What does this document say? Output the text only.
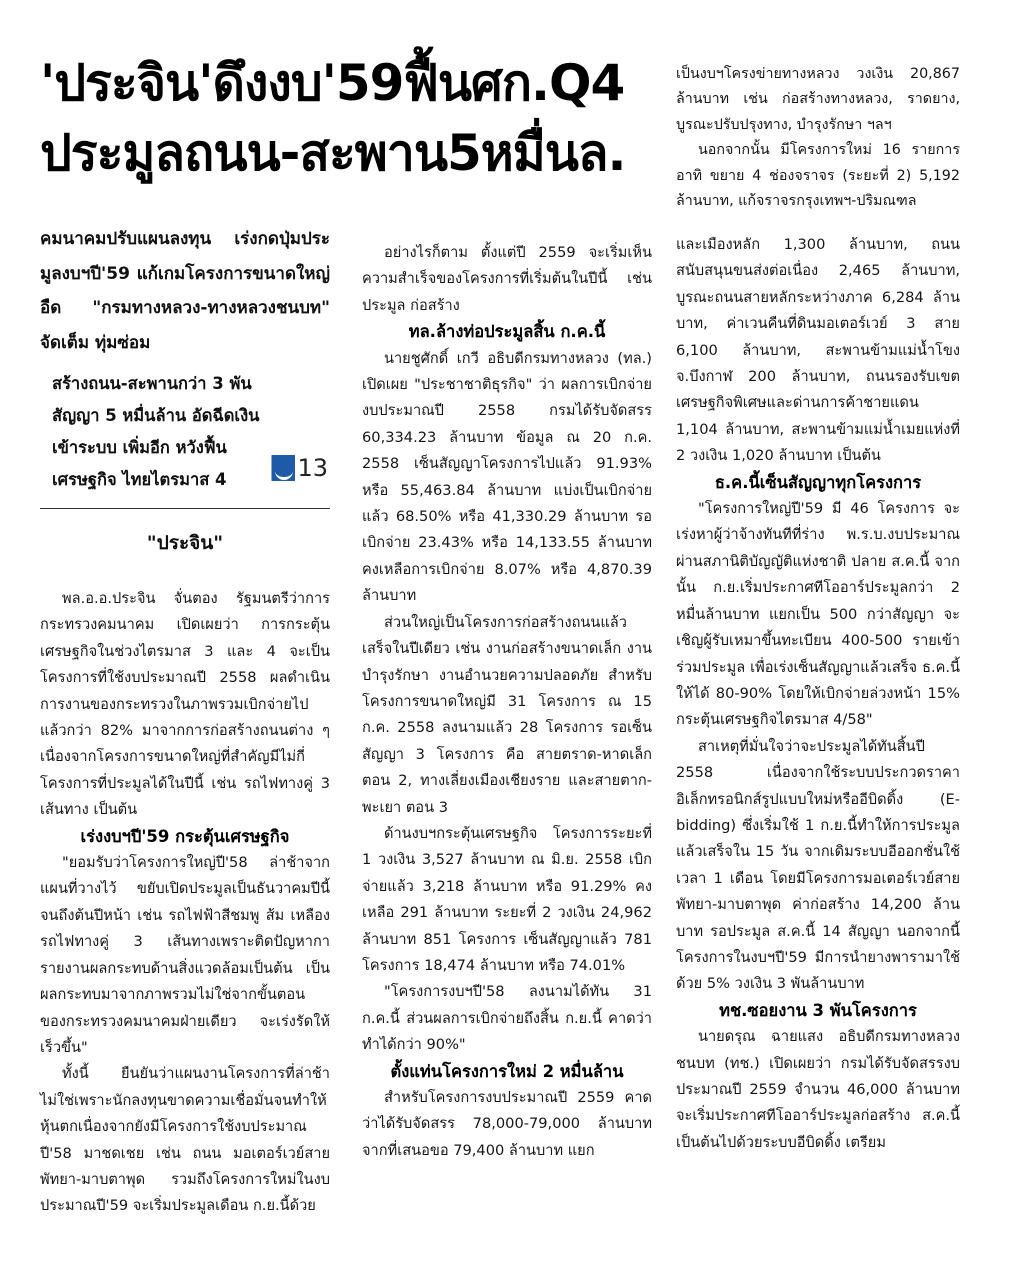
'ประจิน'ดึงงบ'59ฟื้นศก.Q4
ประมูลถนน-สะพาน5หมื่นล.

คมนาคมปรับแผนลงทุน เร่งกดปุ่มประมูลงบฯปี'59 แก้เกมโครงการขนาดใหญ่อืด "กรมทางหลวง-ทางหลวงชนบท" จัดเต็ม ทุ่มซ่อม

สร้างถนน-สะพานกว่า 3 พันสัญญา 5 หมื่นล้าน อัดฉีดเงินเข้าระบบ เพิ่มอีก หวังฟื้นเศรษฐกิจ ไทยไตรมาส 4	13
"ประจิน"

พล.อ.อ.ประจิน จั่นตอง รัฐมนตรีว่าการกระทรวงคมนาคม เปิดเผยว่า การกระตุ้นเศรษฐกิจในช่วงไตรมาส 3 และ 4 จะเป็นโครงการที่ใช้งบประมาณปี 2558 ผลดำเนินการงานของกระทรวงในภาพรวมเบิกจ่ายไปแล้วกว่า 82% มาจากการก่อสร้างถนนต่าง ๆ เนื่องจากโครงการขนาดใหญ่ที่สำคัญมีไม่กี่โครงการที่ประมูลได้ในปีนี้ เช่น รถไฟทางคู่ 3 เส้นทาง เป็นต้น

เร่งงบฯปี'59 กระตุ้นเศรษฐกิจ

"ยอมรับว่าโครงการใหญ่ปี'58 ล่าช้าจากแผนที่วางไว้ ขยับเปิดประมูลเป็นธันวาคมปีนี้จนถึงต้นปีหน้า เช่น รถไฟฟ้าสีชมพู ส้ม เหลือง รถไฟทางคู่ 3 เส้นทางเพราะติดปัญหาการายงานผลกระทบด้านสิ่งแวดล้อมเป็นต้น เป็นผลกระทบมาจากภาพรวมไม่ใช่จากขั้นตอนของกระทรวงคมนาคมฝ่ายเดียว จะเร่งรัดให้เร็วขึ้น"

ทั้งนี้ ยืนยันว่าแผนงานโครงการที่ล่าช้าไม่ใช่เพราะนักลงทุนขาดความเชื่อมั่นจนทำให้หุ้นตกเนื่องจากยังมีโครงการใช้งบประมาณปี'58 มาชดเชย เช่น ถนน มอเตอร์เวย์สายพัทยา-มาบตาพุด รวมถึงโครงการใหม่ในงบประมาณปี'59 จะเริ่มประมูลเดือน ก.ย.นี้ด้วย

อย่างไรก็ตาม ตั้งแต่ปี 2559 จะเริ่มเห็นความสำเร็จของโครงการที่เริ่มต้นในปีนี้ เช่น ประมูล ก่อสร้าง

ทล.ล้างท่อประมูลสิ้น ก.ค.นี้

นายชูศักดิ์ เกวี อธิบดีกรมทางหลวง (ทล.) เปิดเผย "ประชาชาติธุรกิจ" ว่า ผลการเบิกจ่ายงบประมาณปี 2558 กรมได้รับจัดสรร 60,334.23 ล้านบาท ข้อมูล ณ 20 ก.ค. 2558 เซ็นสัญญาโครงการไปแล้ว 91.93% หรือ 55,463.84 ล้านบาท แบ่งเป็นเบิกจ่ายแล้ว 68.50% หรือ 41,330.29 ล้านบาท รอเบิกจ่าย 23.43% หรือ 14,133.55 ล้านบาท คงเหลือการเบิกจ่าย 8.07% หรือ 4,870.39 ล้านบาท

ส่วนใหญ่เป็นโครงการก่อสร้างถนนแล้วเสร็จในปีเดียว เช่น งานก่อสร้างขนาดเล็ก งานบำรุงรักษา งานอำนวยความปลอดภัย สำหรับโครงการขนาดใหญ่มี 31 โครงการ ณ 15 ก.ค. 2558 ลงนามแล้ว 28 โครงการ รอเซ็นสัญญา 3 โครงการ คือ สายตราด-หาดเล็ก ตอน 2, ทางเลี่ยงเมืองเชียงราย และสายตาก-พะเยา ตอน 3

ด้านงบฯกระตุ้นเศรษฐกิจ โครงการระยะที่ 1 วงเงิน 3,527 ล้านบาท ณ มิ.ย. 2558 เบิกจ่ายแล้ว 3,218 ล้านบาท หรือ 91.29% คงเหลือ 291 ล้านบาท ระยะที่ 2 วงเงิน 24,962 ล้านบาท 851 โครงการ เซ็นสัญญาแล้ว 781 โครงการ 18,474 ล้านบาท หรือ 74.01%

"โครงการงบฯปี'58 ลงนามได้ทัน 31 ก.ค.นี้ ส่วนผลการเบิกจ่ายถึงสิ้น ก.ย.นี้ คาดว่าทำได้กว่า 90%"

ตั้งแท่นโครงการใหม่ 2 หมื่นล้าน

สำหรับโครงการงบประมาณปี 2559 คาดว่าได้รับจัดสรร 78,000-79,000 ล้านบาท จากที่เสนอขอ 79,400 ล้านบาท แยก

เป็นงบฯโครงข่ายทางหลวง วงเงิน 20,867 ล้านบาท เช่น ก่อสร้างทางหลวง, ราดยาง, บูรณะปรับปรุงทาง, บำรุงรักษา ฯลฯ

นอกจากนั้น มีโครงการใหม่ 16 รายการ อาทิ ขยาย 4 ช่องจราจร (ระยะที่ 2) 5,192 ล้านบาท, แก้จราจรกรุงเทพฯ-ปริมณฑล

และเมืองหลัก 1,300 ล้านบาท, ถนนสนับสนุนขนส่งต่อเนื่อง 2,465 ล้านบาท, บูรณะถนนสายหลักระหว่างภาค 6,284 ล้านบาท, ค่าเวนคืนที่ดินมอเตอร์เวย์ 3 สาย 6,100 ล้านบาท, สะพานข้ามแม่น้ำโขง จ.บึงกาฬ 200 ล้านบาท, ถนนรองรับเขตเศรษฐกิจพิเศษและด่านการค้าชายแดน 1,104 ล้านบาท, สะพานข้ามแม่น้ำเมยแห่งที่ 2 วงเงิน 1,020 ล้านบาท เป็นต้น

ธ.ค.นี้เซ็นสัญญาทุกโครงการ

"โครงการใหญ่ปี'59 มี 46 โครงการ จะเร่งหาผู้ว่าจ้างทันทีที่ร่าง พ.ร.บ.งบประมาณผ่านสภานิติบัญญัติแห่งชาติ ปลาย ส.ค.นี้ จากนั้น ก.ย.เริ่มประกาศทีโออาร์ประมูลกว่า 2 หมื่นล้านบาท แยกเป็น 500 กว่าสัญญา จะเชิญผู้รับเหมาขึ้นทะเบียน 400-500 รายเข้าร่วมประมูล เพื่อเร่งเซ็นสัญญาแล้วเสร็จ ธ.ค.นี้ให้ได้ 80-90% โดยให้เบิกจ่ายล่วงหน้า 15% กระตุ้นเศรษฐกิจไตรมาส 4/58"

สาเหตุที่มั่นใจว่าจะประมูลได้ทันสิ้นปี 2558 เนื่องจากใช้ระบบประกวดราคาอิเล็กทรอนิกส์รูปแบบใหม่หรืออีบิดดิ้ง (E-bidding) ซึ่งเริ่มใช้ 1 ก.ย.นี้ทำให้การประมูลแล้วเสร็จใน 15 วัน จากเดิมระบบอีออกชั่นใช้เวลา 1 เดือน โดยมีโครงการมอเตอร์เวย์สายพัทยา-มาบตาพุด ค่าก่อสร้าง 14,200 ล้านบาท รอประมูล ส.ค.นี้ 14 สัญญา นอกจากนี้ โครงการในงบฯปี'59 มีการนำยางพารามาใช้ด้วย 5% วงเงิน 3 พันล้านบาท

ทช.ซอยงาน 3 พันโครงการ

นายดรุณ ฉายแสง อธิบดีกรมทางหลวงชนบท (ทช.) เปิดเผยว่า กรมได้รับจัดสรรงบประมาณปี 2559 จำนวน 46,000 ล้านบาท จะเริ่มประกาศทีโออาร์ประมูลก่อสร้าง ส.ค.นี้เป็นต้นไปด้วยระบบอีบิดดิ้ง เตรียม
